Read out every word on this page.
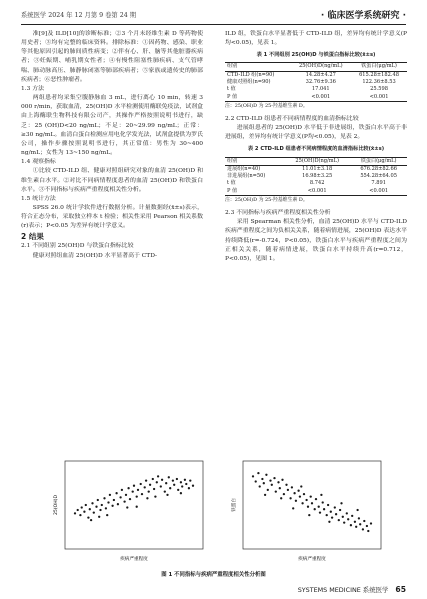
系统医学 2024 年 12 月第 9 卷第 24 期	· 临床医学系统研究 ·

准[9]及 ILD[10]的诊断标准；②3 个月未经维生素 D 等药物使用史者；③均有完整的临床资料。排除标准：①因药物、感染、职业等其他原因引起的肺间质性病变；②伴有心、肝、脑等其他脏器疾病者；③妊娠期、哺乳期女性者；④有慢性阻塞性肺疾病、支气管哮喘、肺动脉高压、肺静脉闭塞等肺部疾病者；⑤家族或遗传史的肺部疾病者；⑥恶性肿瘤者。

1.3 方法

两组患者均采集空腹静脉血 3 mL，进行离心 10 min，转速 3 000 r/min，获取血清，25(OH)D 水平检测使用酶联免疫法，试剂盒由上海酶联生物科技有限公司产，其操作严格按照说明书进行，缺乏：25 (OH)D<20 ng/mL；不足：20~29.99 ng/mL；正常：≥30 ng/mL。血清白蛋白检测应用电化学发光法，试剂盒提供为罗氏公司，操作步骤按照说明书进行，其正常值：男性为 30~400 ng/mL；女性为 13~150 ng/mL。

1.4 观察指标

①比较 CTD-ILD 组、健康对照组研究对象的血清 25(OH)D 和维生素白水平。②对比不同病情程度患者的血清 25(OH)D 和铁蛋白水平。③不同指标与疾病严重程度相关性分析。

1.5 统计方法

SPSS 26.0 统计学软件进行数据分析。计量数据经(x̄±s)表示，符合正态分布，采取独立样本 t 检验；相关性采用 Pearson 相关系数(r)表示；P<0.05 为差异有统计学意义。

2 结果

2.1 不同组别 25(OH)D 与铁蛋白指标比较

健康对照组血清 25(OH)D 水平显著高于 CTD-

ILD 组，铁蛋白水平显著低于 CTD-ILD 组，差异均有统计学意义(P均<0.05)，见表 1。

表 1 不同组别 25(OH)D 与铁蛋白指标比较(x̄±s)
组别	25(OH)D(ng/mL)	铁蛋白(μg/mL)
CTD-ILD 组(n=90)	14.28±4.27	615.28±182.48
健康对照组(n=90)	32.76±9.36	122.36±8.53
t 值	17.041	25.598
P 值	<0.001	<0.001
注：25(OH)D 为 25-羟基维生素 D。

2.2 CTD-ILD 组患者不同病情程度的血清指标比较

进展组患者的 25(OH)D 水平低于非进展组，铁蛋白水平高于非进展组，差异均有统计学意义(P均<0.05)，见表 2。

表 2 CTD-ILD 组患者不同病情程度的血清指标比较(x̄±s)
组别	25(OH)D(ng/mL)	铁蛋白(μg/mL)
进展组(n=40)	11.01±3.18	676.28±82.66
非进展组(n=50)	16.98±3.25	554.28±64.05
t 值	8.742	7.891
P 值	<0.001	<0.001
注：25(OH)D 为 25-羟基维生素 D。

2.3 不同指标与疾病严重程度相关性分析

采用 Spearman 相关性分析，血清 25(OH)D 水平与 CTD-ILD 疾病严重程度之间为负相关关系，随着病情进展，25(OH)D 表达水平持续降低(r=-0.724，P<0.05)，铁蛋白水平与疾病严重程度之间为正相关关系，随着病情进展，铁蛋白水平持续升高(r=0.712，P<0.05)，见图 1。

疾病严重程度
25(OH)D
疾病严重程度
铁蛋白
图 1 不同指标与疾病严重程度相关性分析图
SYSTEMS MEDICINE 系统医学 65
